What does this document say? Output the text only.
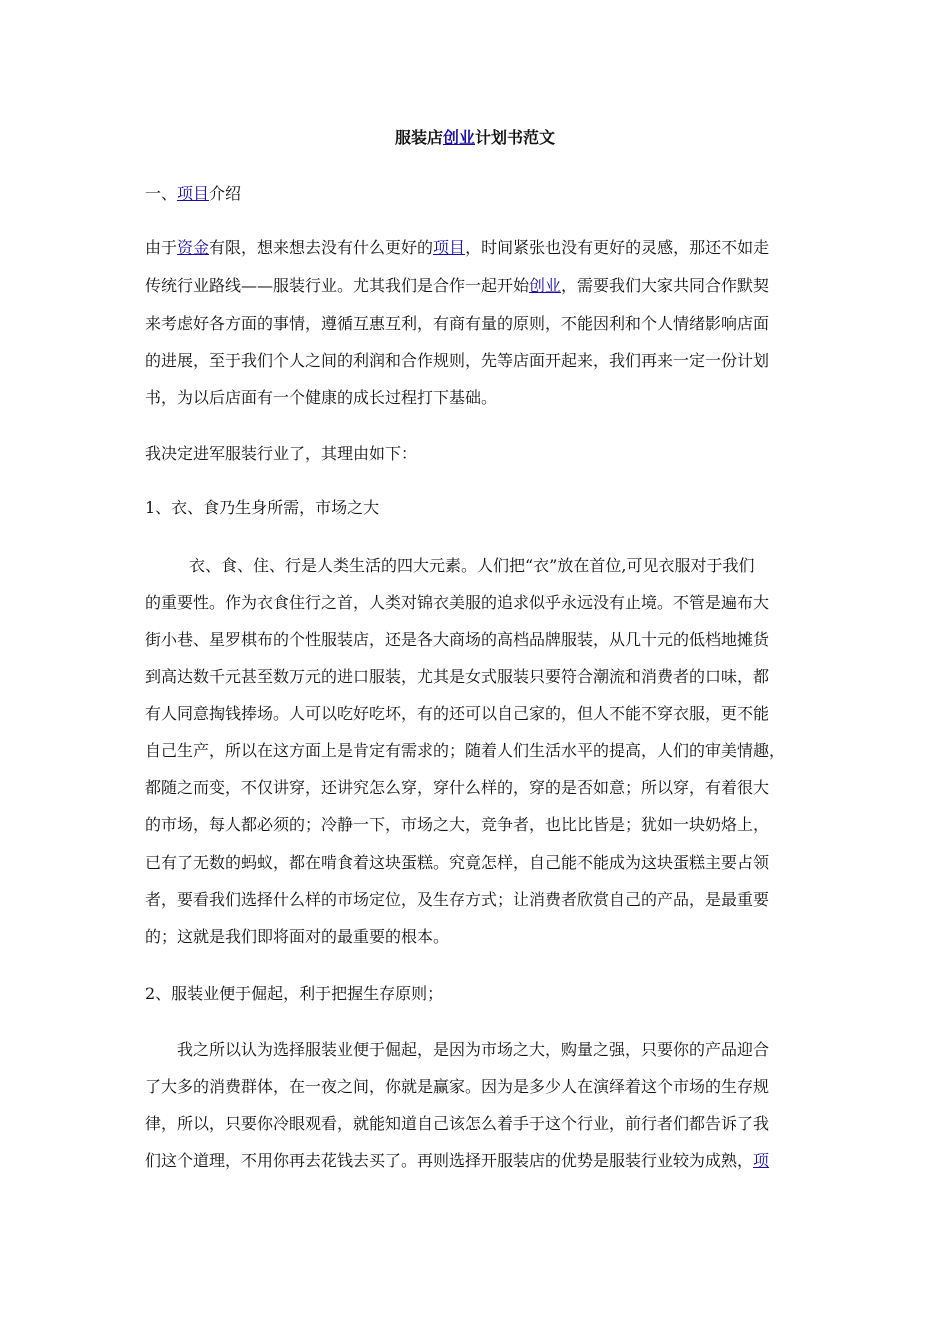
服装店创业计划书范文

一、项目介绍

由于资金有限，想来想去没有什么更好的项目，时间紧张也没有更好的灵感，那还不如走

传统行业路线——服装行业。尤其我们是合作一起开始创业，需要我们大家共同合作默契

来考虑好各方面的事情，遵循互惠互利，有商有量的原则，不能因利和个人情绪影响店面

的进展，至于我们个人之间的利润和合作规则，先等店面开起来，我们再来一定一份计划

书，为以后店面有一个健康的成长过程打下基础。

我决定进军服装行业了，其理由如下：

1、衣、食乃生身所需，市场之大

衣、食、住、行是人类生活的四大元素。人们把“衣”放在首位,可见衣服对于我们

的重要性。作为衣食住行之首，人类对锦衣美服的追求似乎永远没有止境。不管是遍布大

街小巷、星罗棋布的个性服装店，还是各大商场的高档品牌服装，从几十元的低档地摊货

到高达数千元甚至数万元的进口服装，尤其是女式服装只要符合潮流和消费者的口味，都

有人同意掏钱捧场。人可以吃好吃坏，有的还可以自己家的，但人不能不穿衣服，更不能

自己生产，所以在这方面上是肯定有需求的；随着人们生活水平的提高，人们的审美情趣，

都随之而变，不仅讲穿，还讲究怎么穿，穿什么样的，穿的是否如意；所以穿，有着很大

的市场，每人都必须的；冷静一下，市场之大，竞争者，也比比皆是；犹如一块奶烙上，

已有了无数的蚂蚁，都在啃食着这块蛋糕。究竟怎样，自己能不能成为这块蛋糕主要占领

者，要看我们选择什么样的市场定位，及生存方式；让消费者欣赏自己的产品，是最重要

的；这就是我们即将面对的最重要的根本。

2、服装业便于倔起，利于把握生存原则；

我之所以认为选择服装业便于倔起，是因为市场之大，购量之强，只要你的产品迎合

了大多的消费群体，在一夜之间，你就是赢家。因为是多少人在演绎着这个市场的生存规

律，所以，只要你冷眼观看，就能知道自己该怎么着手于这个行业，前行者们都告诉了我

们这个道理，不用你再去花钱去买了。再则选择开服装店的优势是服装行业较为成熟，项
